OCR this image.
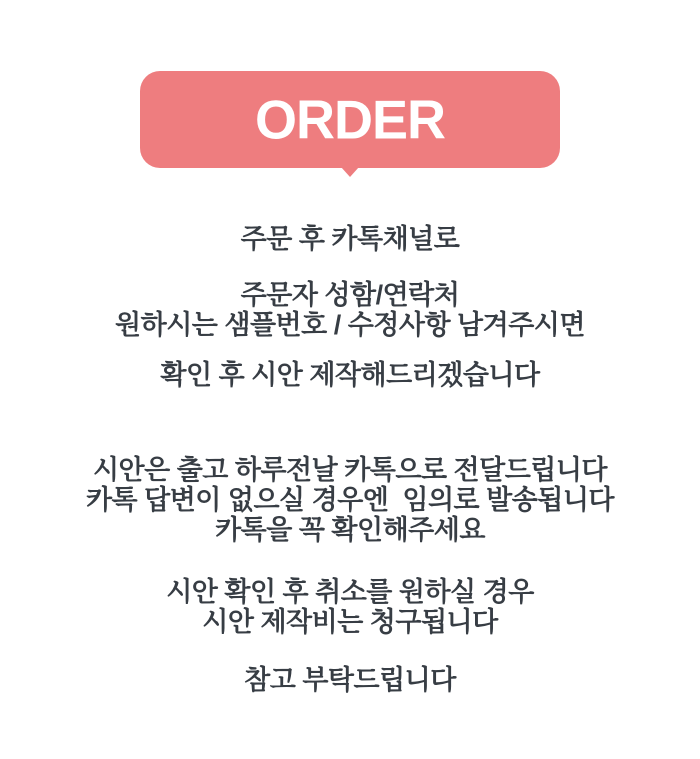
ORDER
주문 후 카톡채널로
주문자 성함/연락처
원하시는 샘플번호 / 수정사항 남겨주시면
확인 후 시안 제작해드리겠습니다
시안은 출고 하루전날 카톡으로 전달드립니다
카톡 답변이 없으실 경우엔  임의로 발송됩니다
카톡을 꼭 확인해주세요
시안 확인 후 취소를 원하실 경우
시안 제작비는 청구됩니다
참고 부탁드립니다
